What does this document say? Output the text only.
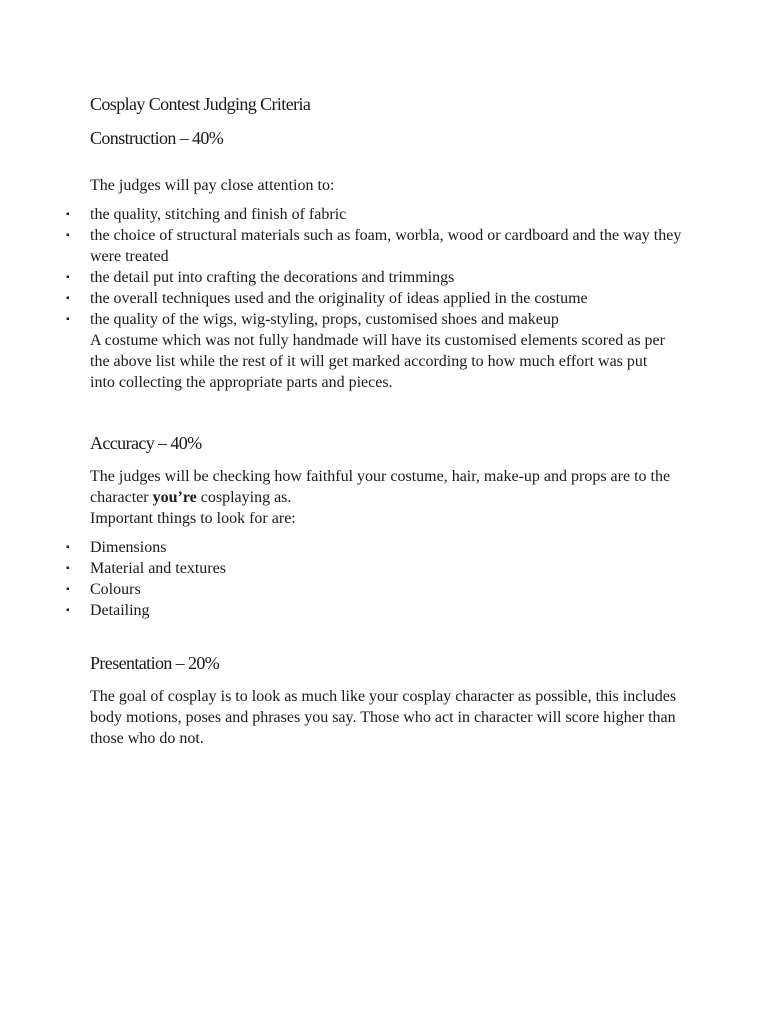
Cosplay Contest Judging Criteria
Construction – 40%

The judges will pay close attention to:

▪ the quality, stitching and finish of fabric
▪ the choice of structural materials such as foam, worbla, wood or cardboard and the way they were treated
▪ the detail put into crafting the decorations and trimmings
▪ the overall techniques used and the originality of ideas applied in the costume
▪ the quality of the wigs, wig-styling, props, customised shoes and makeup

A costume which was not fully handmade will have its customised elements scored as per the above list while the rest of it will get marked according to how much effort was put into collecting the appropriate parts and pieces.

Accuracy – 40%

The judges will be checking how faithful your costume, hair, make-up and props are to the character you’re cosplaying as.
Important things to look for are:

▪ Dimensions
▪ Material and textures
▪ Colours
▪ Detailing
Presentation – 20%

The goal of cosplay is to look as much like your cosplay character as possible, this includes body motions, poses and phrases you say. Those who act in character will score higher than those who do not.
